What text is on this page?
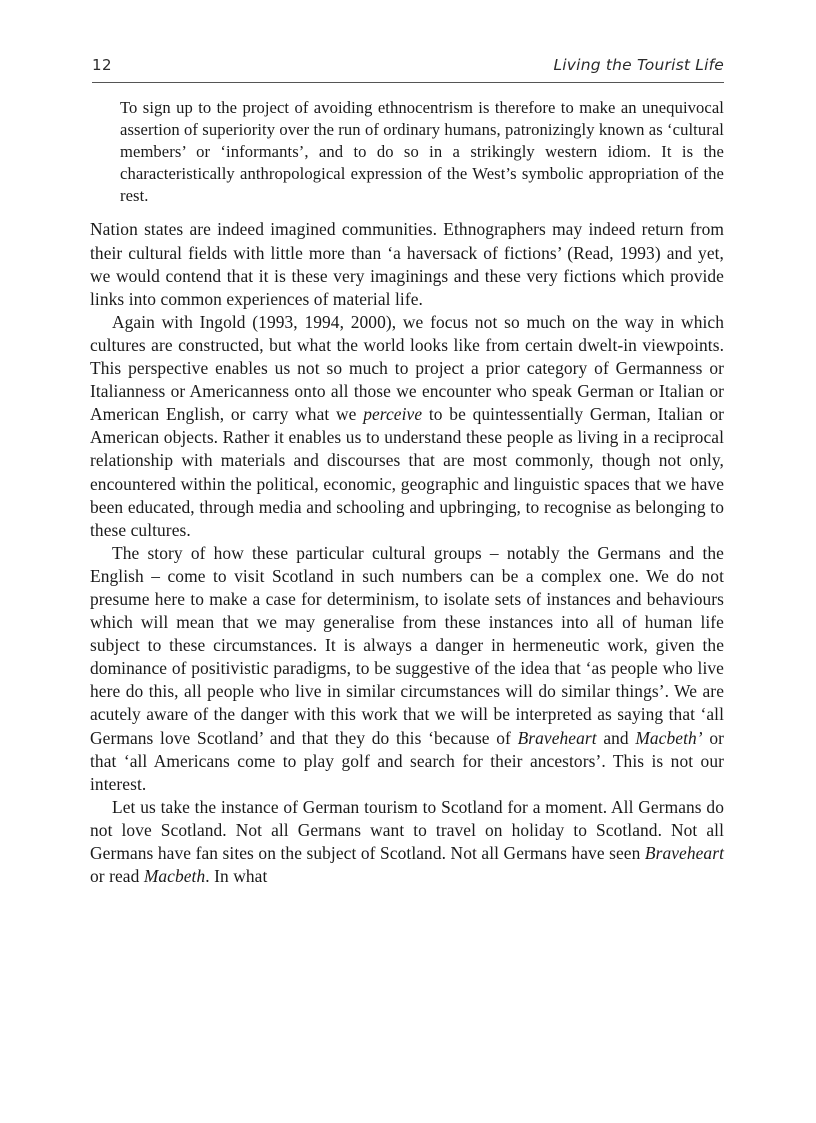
12	Living the Tourist Life

To sign up to the project of avoiding ethnocentrism is therefore to make an unequivocal assertion of superiority over the run of ordinary humans, patronizingly known as ‘cultural members’ or ‘informants’, and to do so in a strikingly western idiom. It is the characteristically anthropological expression of the West’s symbolic appropriation of the rest.

Nation states are indeed imagined communities. Ethnographers may indeed return from their cultural fields with little more than ‘a haversack of fictions’ (Read, 1993) and yet, we would contend that it is these very imaginings and these very fictions which provide links into common experiences of material life.

Again with Ingold (1993, 1994, 2000), we focus not so much on the way in which cultures are constructed, but what the world looks like from certain dwelt-in viewpoints. This perspective enables us not so much to project a prior category of Germanness or Italianness or Americanness onto all those we encounter who speak German or Italian or American English, or carry what we perceive to be quintessentially German, Italian or American objects. Rather it enables us to understand these people as living in a reciprocal relationship with materials and discourses that are most commonly, though not only, encountered within the political, economic, geographic and linguistic spaces that we have been educated, through media and schooling and upbringing, to recognise as belonging to these cultures.

The story of how these particular cultural groups – notably the Germans and the English – come to visit Scotland in such numbers can be a complex one. We do not presume here to make a case for determinism, to isolate sets of instances and behaviours which will mean that we may generalise from these instances into all of human life subject to these circumstances. It is always a danger in hermeneutic work, given the dominance of positivistic paradigms, to be suggestive of the idea that ‘as people who live here do this, all people who live in similar circumstances will do similar things’. We are acutely aware of the danger with this work that we will be interpreted as saying that ‘all Germans love Scotland’ and that they do this ‘because of Braveheart and Macbeth’ or that ‘all Americans come to play golf and search for their ancestors’. This is not our interest.

Let us take the instance of German tourism to Scotland for a moment. All Germans do not love Scotland. Not all Germans want to travel on holiday to Scotland. Not all Germans have fan sites on the subject of Scotland. Not all Germans have seen Braveheart or read Macbeth. In what
